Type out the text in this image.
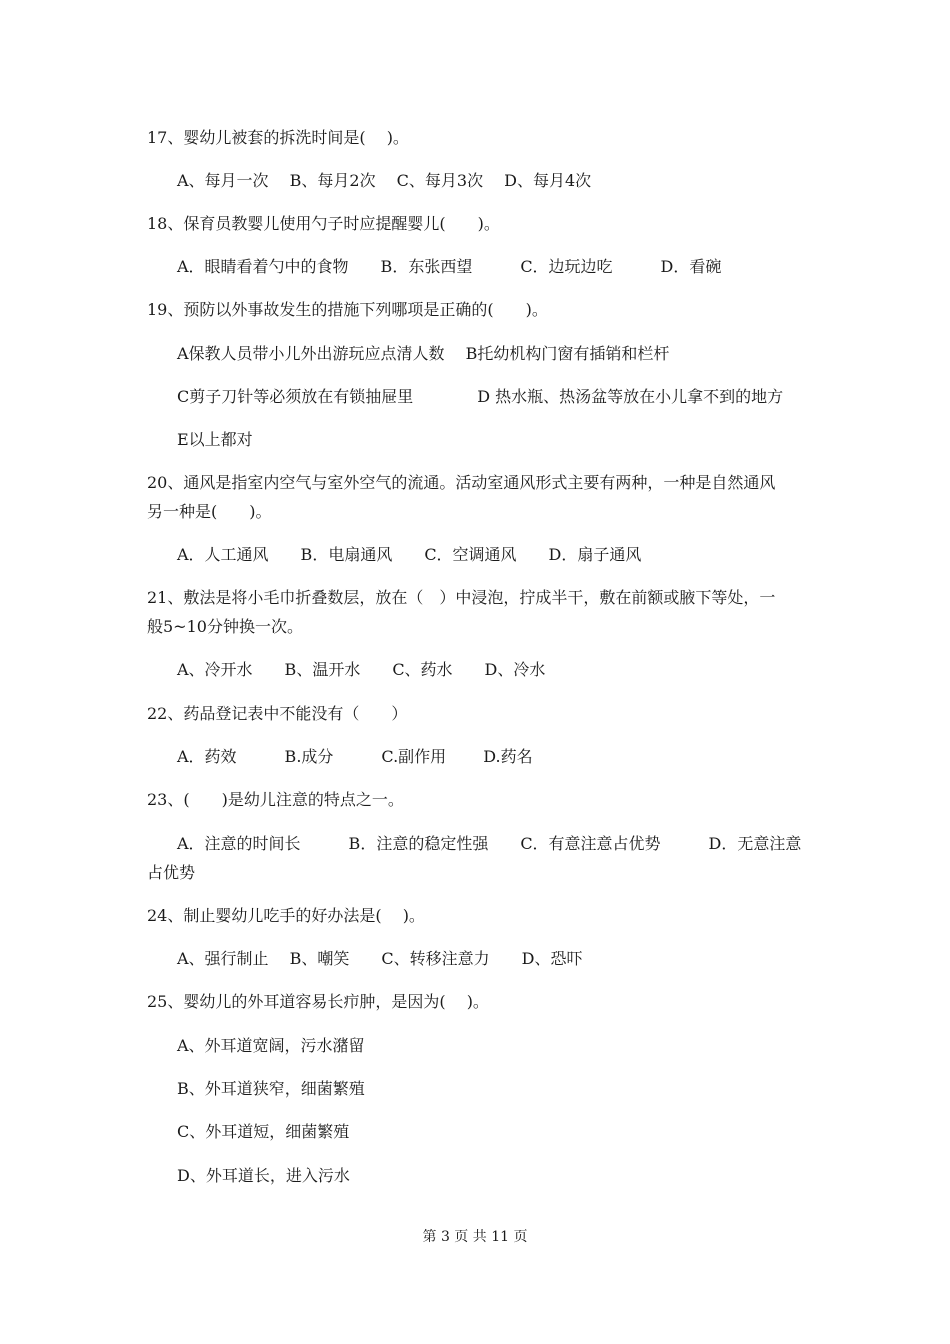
17、婴幼儿被套的拆洗时间是(　 )。
A、每月一次　 B、每月2次　 C、每月3次　 D、每月4次
18、保育员教婴儿使用勺子时应提醒婴儿(　　)。
A．眼睛看着勺中的食物　　B．东张西望　　　C．边玩边吃　　　D．看碗
19、预防以外事故发生的措施下列哪项是正确的(　　)。
A保教人员带小儿外出游玩应点清人数　 B托幼机构门窗有插销和栏杆
C剪子刀针等必须放在有锁抽屉里　　　　D 热水瓶、热汤盆等放在小儿拿不到的地方
E以上都对
20、通风是指室内空气与室外空气的流通。活动室通风形式主要有两种，一种是自然通风
另一种是(　　)。
A．人工通风　　B．电扇通风　　C．空调通风　　D．扇子通风
21、敷法是将小毛巾折叠数层，放在（　）中浸泡，拧成半干，敷在前额或腋下等处，一
般5~10分钟换一次。
A、冷开水　　B、温开水　　C、药水　　D、冷水
22、药品登记表中不能没有（　　）
A．药效　　　B.成分　　　C.副作用　　 D.药名
23、(　　)是幼儿注意的特点之一。
A．注意的时间长　　　B．注意的稳定性强　　C．有意注意占优势　　　D．无意注意
占优势
24、制止婴幼儿吃手的好办法是(　 )。
A、强行制止　 B、嘲笑　　C、转移注意力　　D、恐吓
25、婴幼儿的外耳道容易长疖肿，是因为(　 )。
A、外耳道宽阔，污水潴留
B、外耳道狭窄，细菌繁殖
C、外耳道短，细菌繁殖
D、外耳道长，进入污水
第 3 页 共 11 页
